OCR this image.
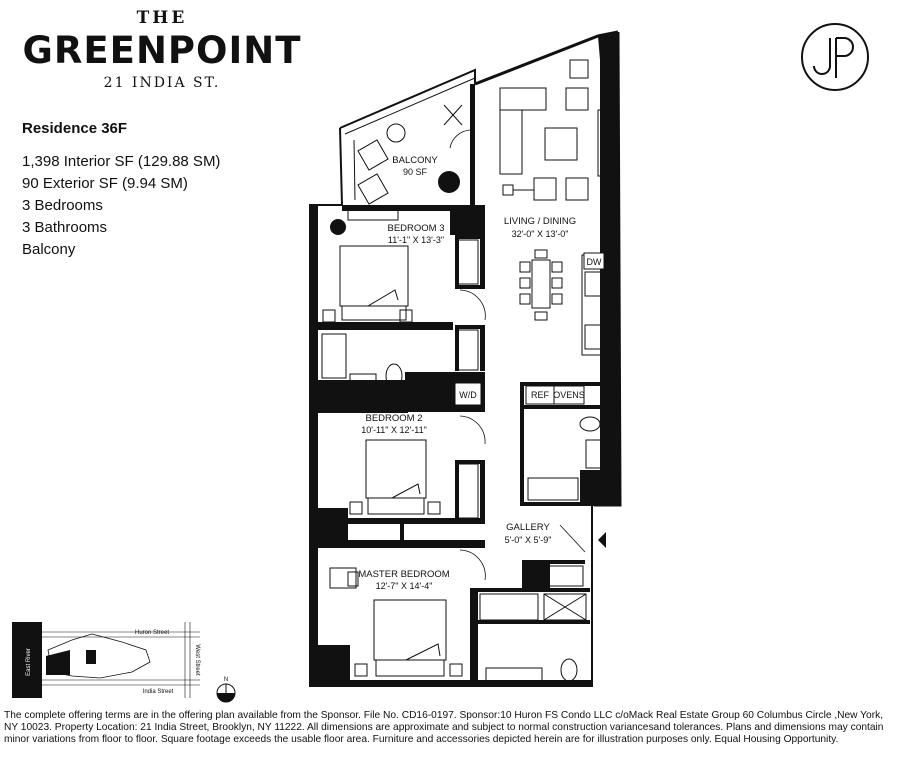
THE
GREENPOINT
21 INDIA ST.
Residence 36F
1,398 Interior SF (129.88 SM)
90 Exterior SF (9.94 SM)
3 Bedrooms
3 Bathrooms
Balcony
BALCONY
90 SF
LIVING / DINING
32'-0" X 13'-0"
BEDROOM 3
11'-1" X 13'-3"
BEDROOM 2
10'-11" X 12'-11"
MASTER BEDROOM
12'-7" X 14'-4"
GALLERY
5'-0" X 5'-9"
DW
W/D	REF OVENS
East River
Huron Street
India Street
West Street
N
The complete offering terms are in the offering plan available from the Sponsor. File No. CD16-0197. Sponsor:10 Huron FS Condo LLC c/oMack Real Estate Group 60 Columbus Circle ,New York, NY 10023. Property Location: 21 India Street, Brooklyn, NY 11222. All dimensions are approximate and subject to normal construction variancesand tolerances. Plans and dimensions may contain minor variations from floor to floor. Square footage exceeds the usable floor area. Furniture and accessories depicted herein are for illustration purposes only. Equal Housing Opportunity.
